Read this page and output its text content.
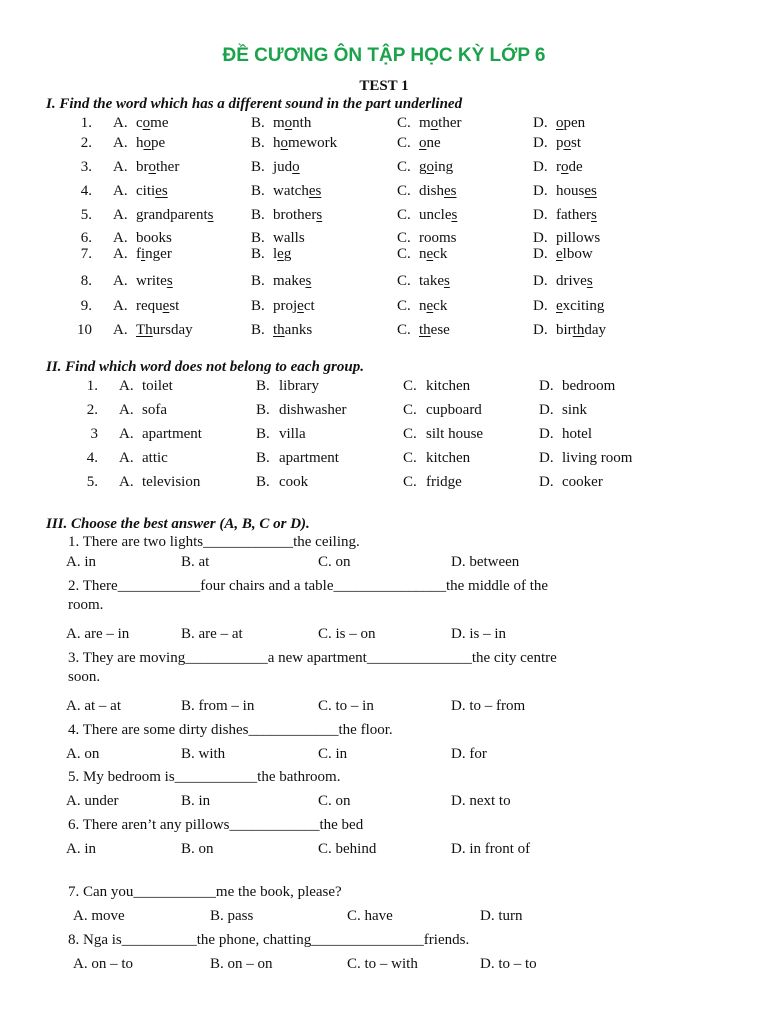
ĐỀ CƯƠNG ÔN TẬP HỌC KỲ LỚP 6
TEST 1
I. Find the word which has a different sound in the part underlined
1. A. come	B. month	C. mother	D. open
2. A. hope	B. homework	C. one	D. post
3. A. brother	B. judo	C. going	D. rode
4. A. cities	B. watches	C. dishes	D. houses
5. A. grandparents	B. brothers	C. uncles	D. fathers
6. A. books	B. walls	C. rooms	D. pillows
7. A. finger	B. leg	C. neck	D. elbow
8. A. writes	B. makes	C. takes	D. drives
9. A. request	B. project	C. neck	D. exciting
10 A. Thursday	B. thanks	C. these	D. birthday
II. Find which word does not belong to each group.
1. A. toilet	B. library	C. kitchen	D. bedroom
2. A. sofa	B. dishwasher	C. cupboard	D. sink
3 A. apartment	B. villa	C. silt house	D. hotel
4. A. attic	B. apartment	C. kitchen	D. living room
5. A. television	B. cook	C. fridge	D. cooker
III. Choose the best answer (A, B, C or D).
1. There are two lights____________the ceiling.
A. in	B. at	C. on	D. between
2. There___________four chairs and a table_______________the middle of the
room.
A. are – in	B. are – at	C. is – on	D. is – in
3. They are moving___________a new apartment______________the city centre
soon.
A. at – at	B. from – in	C. to – in	D. to – from
4. There are some dirty dishes____________the floor.
A. on	B. with	C. in	D. for
5. My bedroom is___________the bathroom.
A. under	B. in	C. on	D. next to
6. There aren’t any pillows____________the bed
A. in	B. on	C. behind	D. in front of
7. Can you___________me the book, please?
A. move	B. pass	C. have	D. turn
8. Nga is__________the phone, chatting_______________friends.
A. on – to	B. on – on	C. to – with	D. to – to
